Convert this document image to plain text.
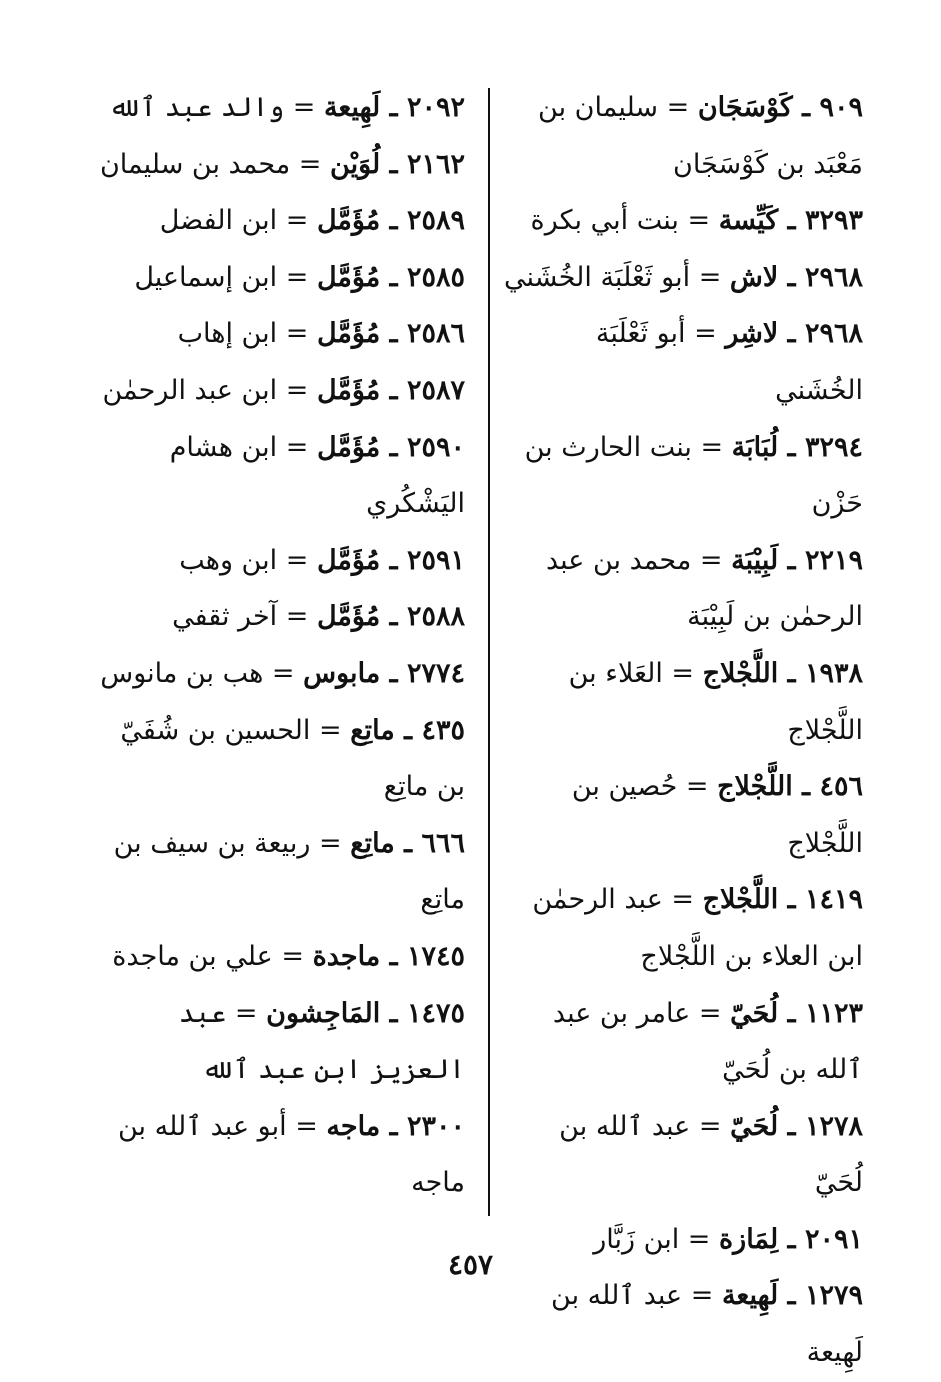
٩٠٩ ـ كَوْسَجَان = سليمان بن مَعْبَد بن كَوْسَجَان

٣٢٩٣ ـ كَيِّسة = بنت أبي بكرة

٢٩٦٨ ـ لاش = أبو ثَعْلَبَة الخُشَني

٢٩٦٨ ـ لاشِر = أبو ثَعْلَبَة الخُشَني

٣٢٩٤ ـ لُبَابَة = بنت الحارث بن حَزْن

٢٢١٩ ـ لَبِيْبَة = محمد بن عبد الرحمٰن بن لَبِيْبَة

١٩٣٨ ـ اللَّجْلاج = العَلاء بن اللَّجْلاج

٤٥٦ ـ اللَّجْلاج = حُصين بن اللَّجْلاج

١٤١٩ ـ اللَّجْلاج = عبد الرحمٰن ابن العلاء بن اللَّجْلاج

١١٢٣ ـ لُحَيّ = عامر بن عبد ٱلله بن لُحَيّ

١٢٧٨ ـ لُحَيّ = عبد ٱلله بن لُحَيّ

٢٠٩١ ـ لِمَازة = ابن زَبَّار

١٢٧٩ ـ لَهِيعة = عبد ٱلله بن لَهِيعة

٢٠٩٢ ـ لَهِيعة = والد عبد ٱلله

٢١٦٢ ـ لُوَيْن = محمد بن سليمان

٢٥٨٩ ـ مُؤَمَّل = ابن الفضل

٢٥٨٥ ـ مُؤَمَّل = ابن إسماعيل

٢٥٨٦ ـ مُؤَمَّل = ابن إهاب

٢٥٨٧ ـ مُؤَمَّل = ابن عبد الرحمٰن

٢٥٩٠ ـ مُؤَمَّل = ابن هشام اليَشْكُري

٢٥٩١ ـ مُؤَمَّل = ابن وهب

٢٥٨٨ ـ مُؤَمَّل = آخر ثقفي

٢٧٧٤ ـ مابوس = هب بن مانوس

٤٣٥ ـ ماتِع = الحسين بن شُفَيّ بن ماتِع

٦٦٦ ـ ماتِع = ربيعة بن سيف بن ماتِع

١٧٤٥ ـ ماجدة = علي بن ماجدة

١٤٧٥ ـ المَاجِشون = عبد العزيز ابن عبد ٱلله

٢٣٠٠ ـ ماجه = أبو عبد ٱلله بن ماجه

٤٥٧
